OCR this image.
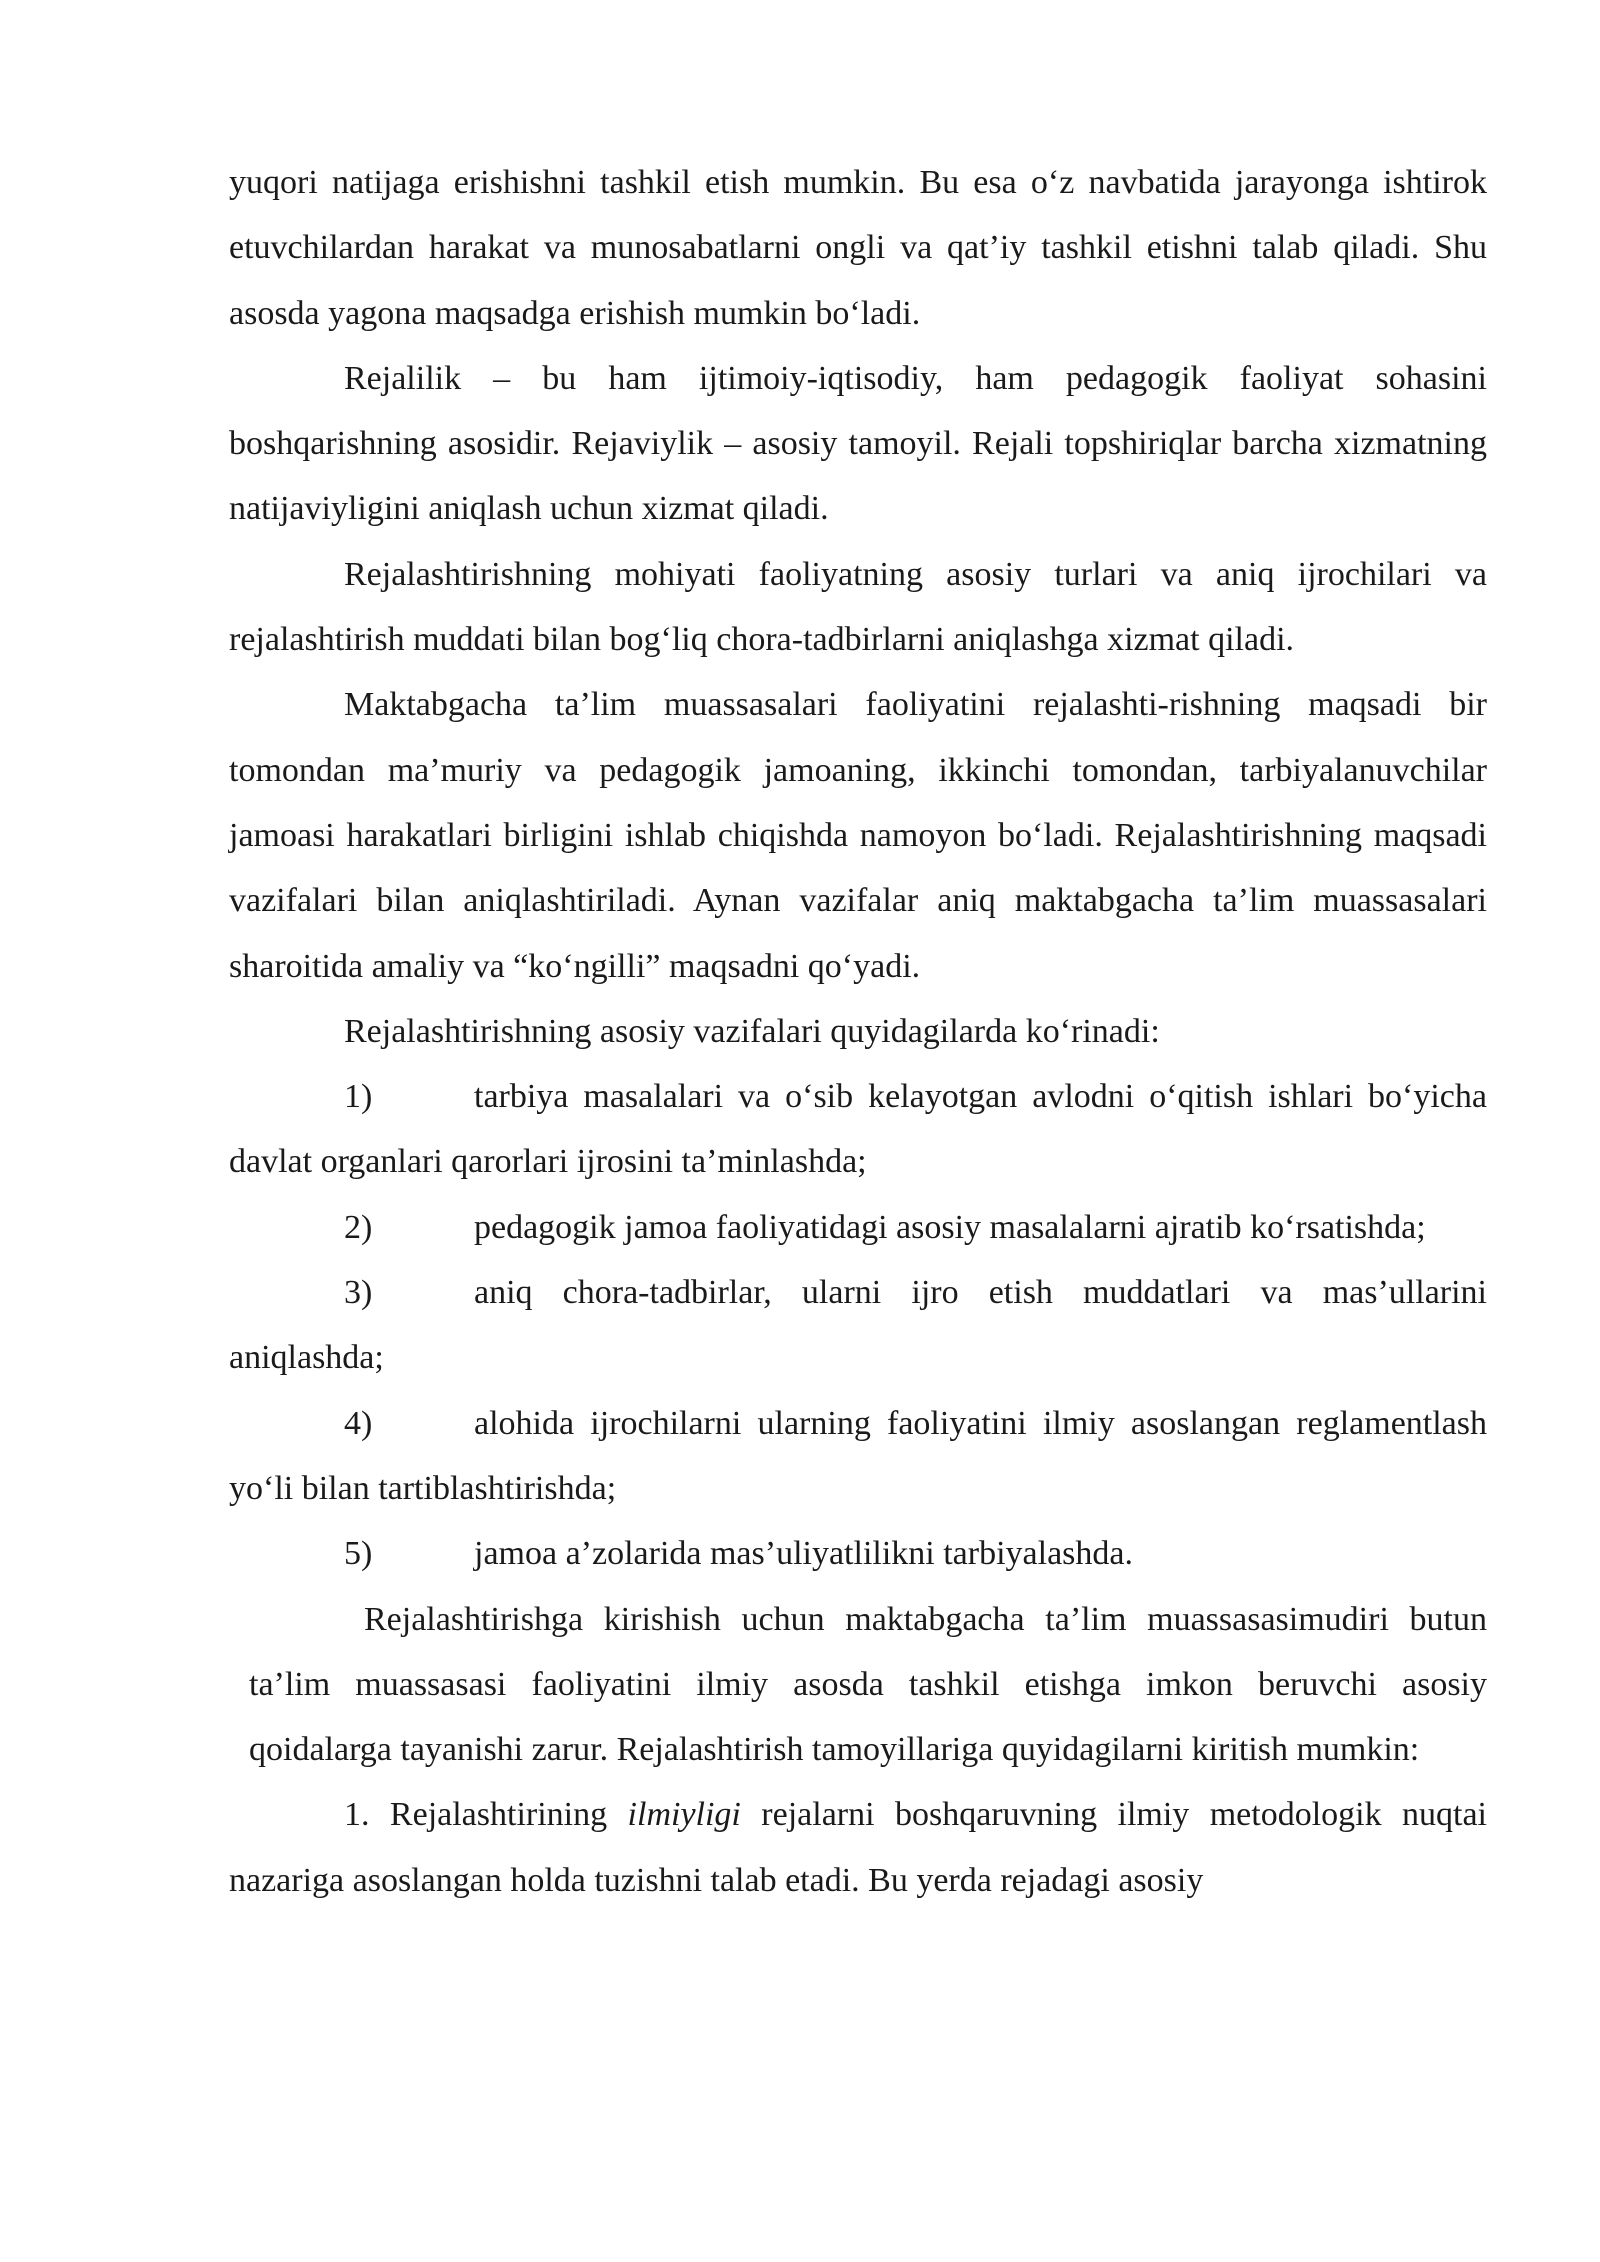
yuqori natijaga erishishni tashkil etish mumkin. Bu esa o‘z navbatida jarayonga ishtirok etuvchilardan harakat va munosabatlarni ongli va qat’iy tashkil etishni talab qiladi. Shu asosda yagona maqsadga erishish mumkin bo‘ladi.

Rejalilik – bu ham ijtimoiy-iqtisodiy, ham pedagogik faoliyat sohasini boshqarishning asosidir. Rejaviylik – asosiy tamoyil. Rejali topshiriqlar barcha xizmatning natijaviyligini aniqlash uchun xizmat qiladi.

Rejalashtirishning mohiyati faoliyatning asosiy turlari va aniq ijrochilari va rejalashtirish muddati bilan bog‘liq chora-tadbirlarni aniqlashga xizmat qiladi.

Maktabgacha ta’lim muassasalari faoliyatini rejalashti-rishning maqsadi bir tomondan ma’muriy va pedagogik jamoaning, ikkinchi tomondan, tarbiyalanuvchilar jamoasi harakatlari birligini ishlab chiqishda namoyon bo‘ladi. Rejalashtirishning maqsadi vazifalari bilan aniqlashtiriladi. Aynan vazifalar aniq maktabgacha ta’lim muassasalari sharoitida amaliy va “ko‘ngilli” maqsadni qo‘yadi.

Rejalashtirishning asosiy vazifalari quyidagilarda ko‘rinadi:

1)	tarbiya masalalari va o‘sib kelayotgan avlodni o‘qitish ishlari bo‘yicha davlat organlari qarorlari ijrosini ta’minlashda;

2)	pedagogik jamoa faoliyatidagi asosiy masalalarni ajratib ko‘rsatishda;

3)	aniq chora-tadbirlar, ularni ijro etish muddatlari va mas’ullarini aniqlashda;

4)	alohida ijrochilarni ularning faoliyatini ilmiy asoslangan reglamentlash yo‘li bilan tartiblashtirishda;

5)	jamoa a’zolarida mas’uliyatlilikni tarbiyalashda.

Rejalashtirishga kirishish uchun maktabgacha ta’lim muassasasimudiri butun ta’lim muassasasi faoliyatini ilmiy asosda tashkil etishga imkon beruvchi asosiy qoidalarga tayanishi zarur. Rejalashtirish tamoyillariga quyidagilarni kiritish mumkin:

1. Rejalashtirining ilmiyligi rejalarni boshqaruvning ilmiy metodologik nuqtai nazariga asoslangan holda tuzishni talab etadi. Bu yerda rejadagi asosiy
